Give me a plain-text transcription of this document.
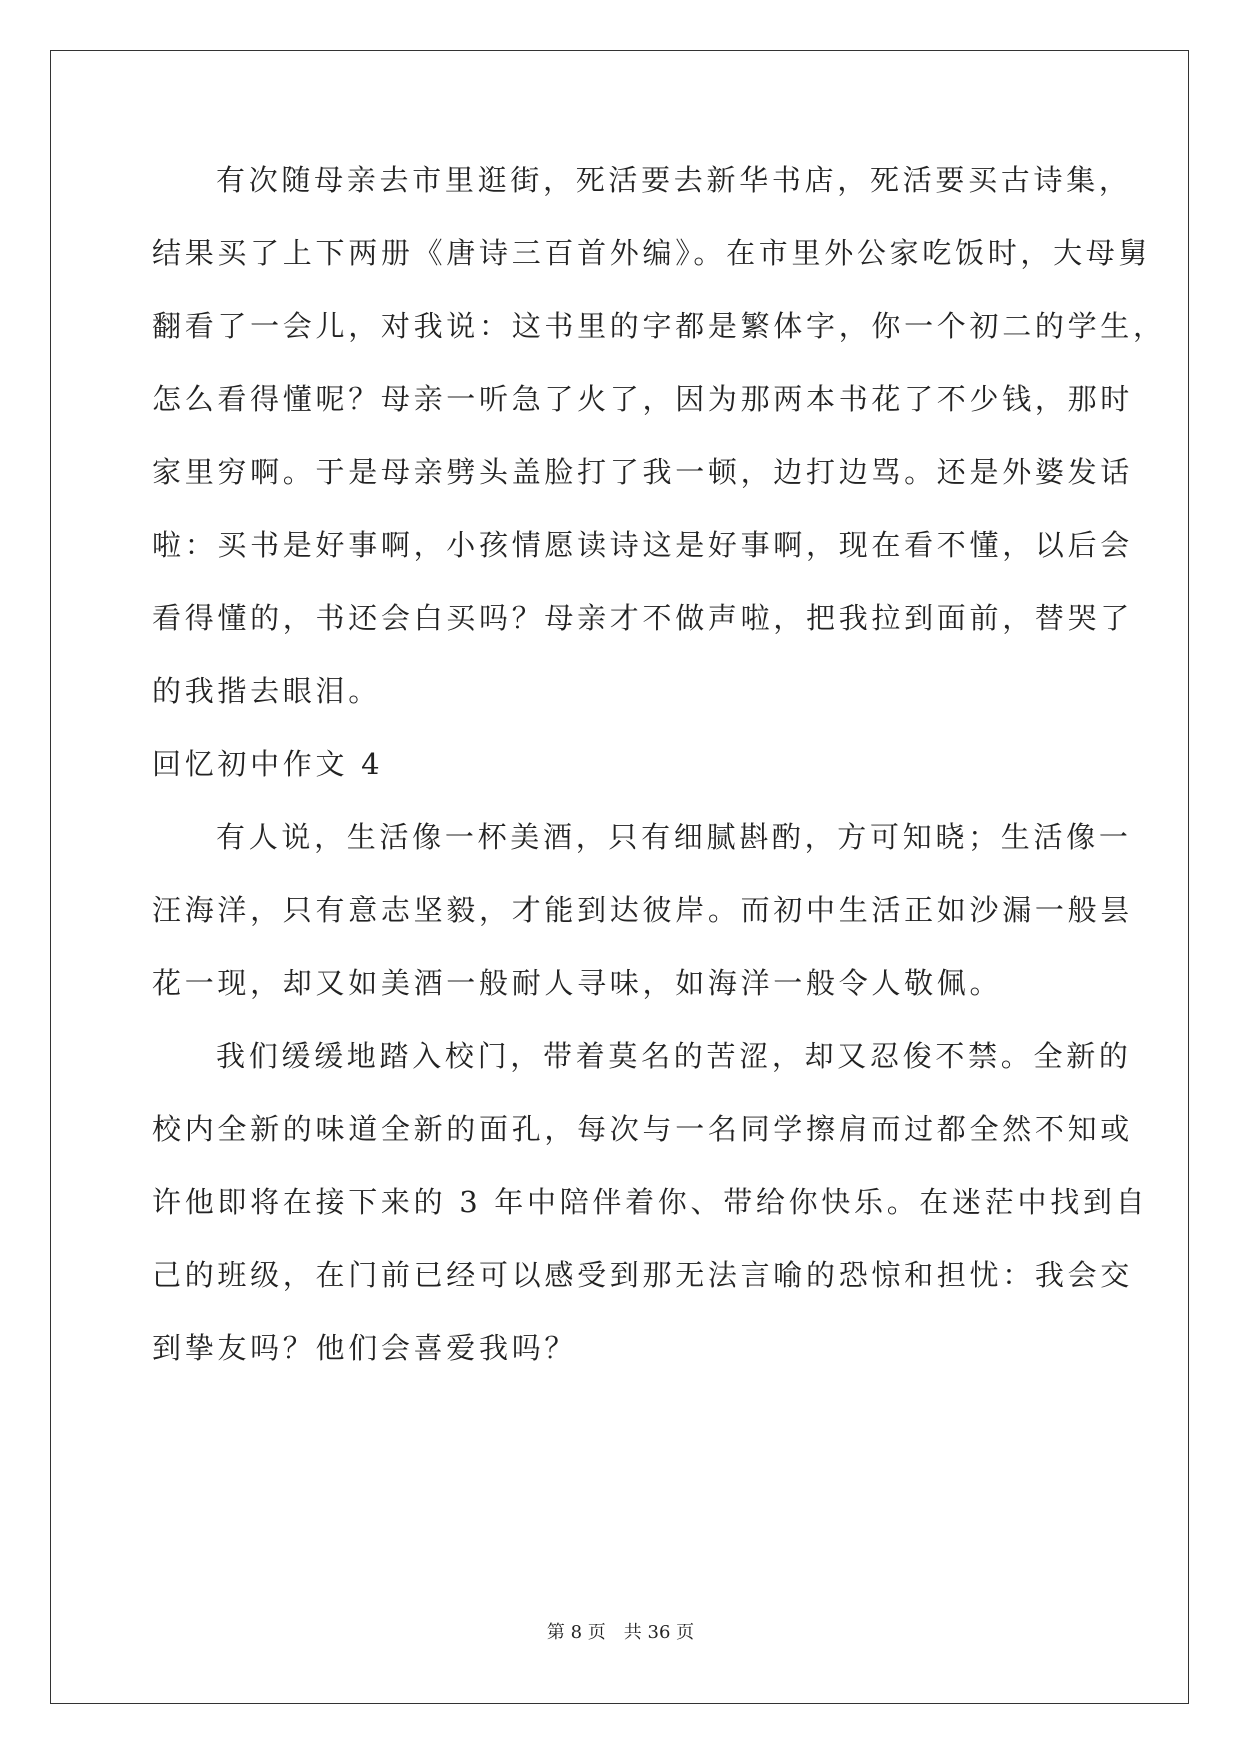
有次随母亲去市里逛街，死活要去新华书店，死活要买古诗集，
结果买了上下两册《唐诗三百首外编》。在市里外公家吃饭时，大母舅
翻看了一会儿，对我说：这书里的字都是繁体字，你一个初二的学生，
怎么看得懂呢？母亲一听急了火了，因为那两本书花了不少钱，那时
家里穷啊。于是母亲劈头盖脸打了我一顿，边打边骂。还是外婆发话
啦：买书是好事啊，小孩情愿读诗这是好事啊，现在看不懂，以后会
看得懂的，书还会白买吗？母亲才不做声啦，把我拉到面前，替哭了
的我揩去眼泪。
回忆初中作文 4
有人说，生活像一杯美酒，只有细腻斟酌，方可知晓；生活像一
汪海洋，只有意志坚毅，才能到达彼岸。而初中生活正如沙漏一般昙
花一现，却又如美酒一般耐人寻味，如海洋一般令人敬佩。
我们缓缓地踏入校门，带着莫名的苦涩，却又忍俊不禁。全新的
校内全新的味道全新的面孔，每次与一名同学擦肩而过都全然不知或
许他即将在接下来的 3 年中陪伴着你、带给你快乐。在迷茫中找到自
己的班级，在门前已经可以感受到那无法言喻的恐惊和担忧：我会交
到挚友吗？他们会喜爱我吗？
第 8 页 共 36 页
